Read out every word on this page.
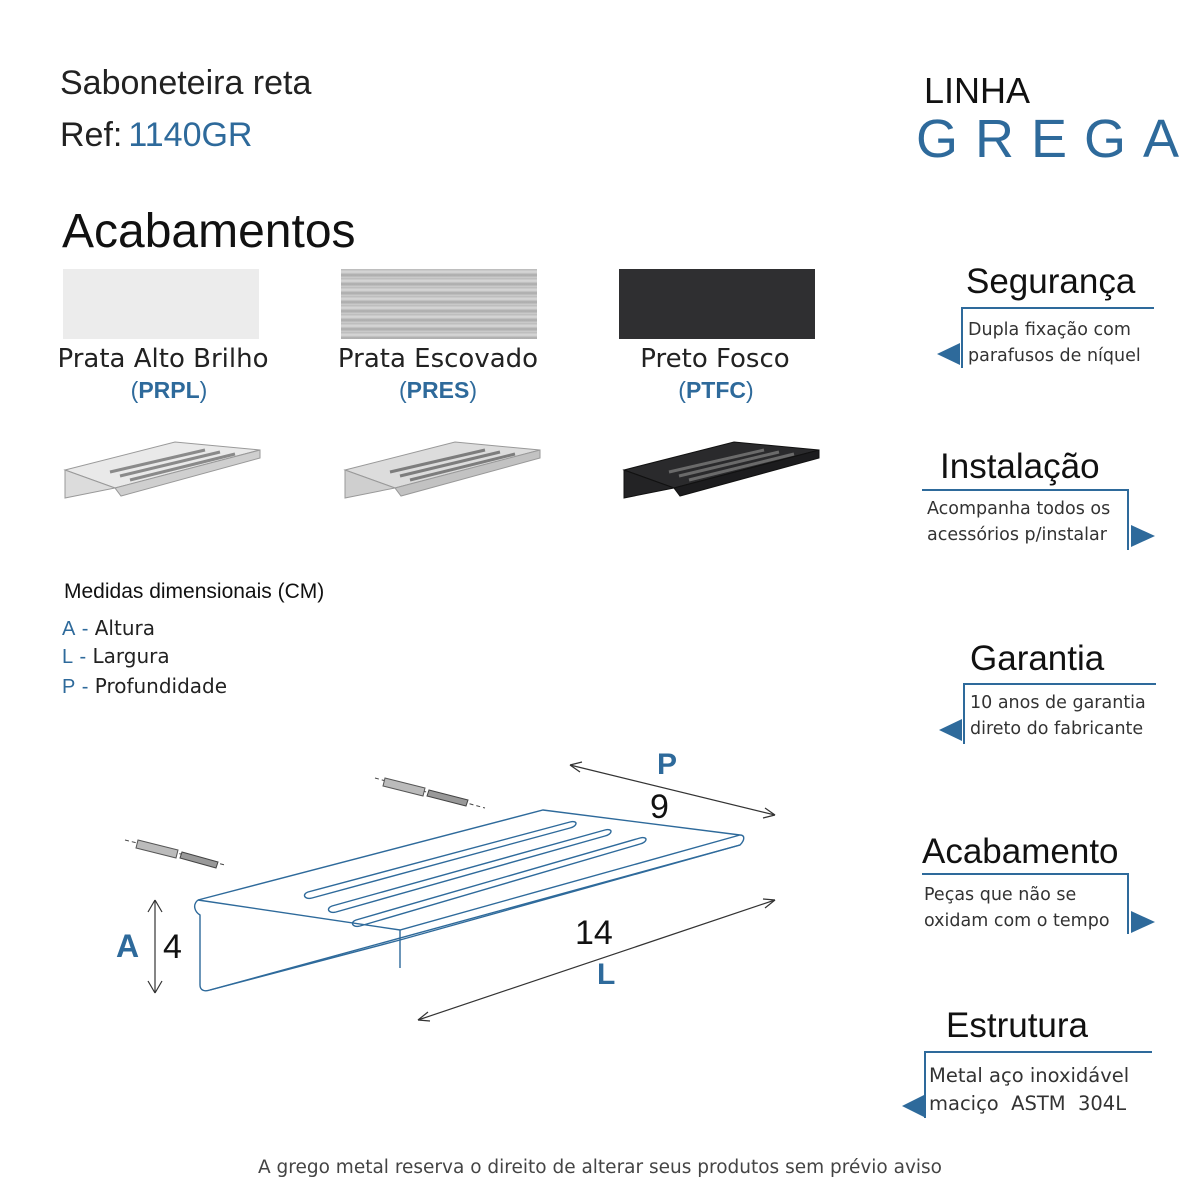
Saboneteira reta
Ref: 1140GR
LINHA
GREGA
Acabamentos
Prata Alto Brilho
(PRPL)
Prata Escovado
(PRES)
Preto Fosco
(PTFC)
Medidas dimensionais (CM)
A - Altura
L - Largura
P - Profundidade
P
9
14
L
A 4
Segurança
Dupla fixação com
parafusos de níquel
Instalação
Acompanha todos os
acessórios p/instalar
Garantia
10 anos de garantia
direto do fabricante
Acabamento
Peças que não se
oxidam com o tempo
Estrutura
Metal aço inoxidável
maciço  ASTM  304L
A grego metal reserva o direito de alterar seus produtos sem prévio aviso
